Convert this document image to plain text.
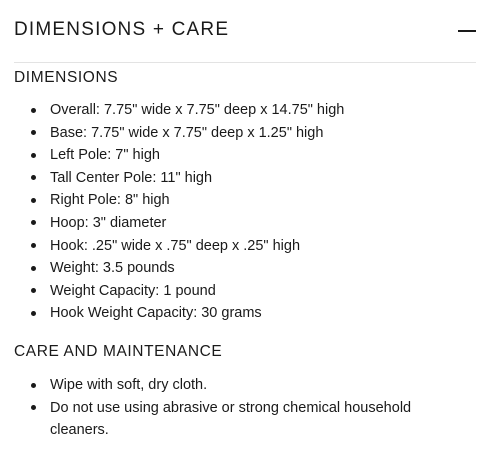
DIMENSIONS + CARE
DIMENSIONS
Overall: 7.75" wide x 7.75" deep x 14.75" high
Base: 7.75" wide x 7.75" deep x 1.25" high
Left Pole: 7" high
Tall Center Pole: 11" high
Right Pole: 8" high
Hoop: 3" diameter
Hook: .25" wide x .75" deep x .25" high
Weight: 3.5 pounds
Weight Capacity: 1 pound
Hook Weight Capacity: 30 grams
CARE AND MAINTENANCE
Wipe with soft, dry cloth.
Do not use using abrasive or strong chemical household cleaners.
